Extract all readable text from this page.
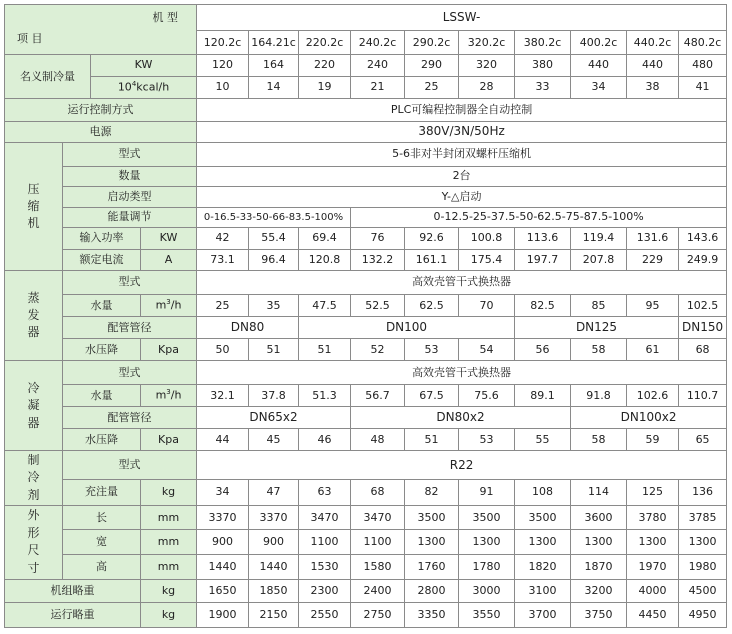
机 型
项 目				LSSW-									
				120.2c	164.21c	220.2c	240.2c	290.2c	320.2c	380.2c	400.2c	440.2c	480.2c
名义制冷量		KW		120	164	220	240	290	320	380	440	440	480
		$10^4kcal/h$		10	14	19	21	25	28	33	34	38	41
运行控制方式				PLC可编程控制器全自动控制									
电源				380V/3N/50Hz									
压缩机	型式			5-6非对半封闭双螺杆压缩机									
	数量			2台									
	启动类型			Y-△启动									
	能量调节			0-16.5-33-50-66-83.5-100%			0-12.5-25-37.5-50-62.5-75-87.5-100%						
	输入功率		KW	42	55.4	69.4	76	92.6	100.8	113.6	119.4	131.6	143.6
	额定电流		A	73.1	96.4	120.8	132.2	161.1	175.4	197.7	207.8	229	249.9
蒸发器	型式			高效壳管干式换热器									
	水量		$m^3/h$	25	35	47.5	52.5	62.5	70	82.5	85	95	102.5
	配管管径			DN80		DN100				DN125			DN150
	水压降		Kpa	50	51	51	52	53	54	56	58	61	68
冷凝器	型式			高效壳管干式换热器									
	水量		$m^3/h$	32.1	37.8	51.3	56.7	67.5	75.6	89.1	91.8	102.6	110.7
	配管管径			DN65x2			DN80x2				DN100x2		
	水压降		Kpa	44	45	46	48	51	53	55	58	59	65
制冷剂	型式			R22									
	充注量		kg	34	47	63	68	82	91	108	114	125	136
外形尺寸	长		mm	3370	3370	3470	3470	3500	3500	3500	3600	3780	3785
	宽		mm	900	900	1100	1100	1300	1300	1300	1300	1300	1300
	高		mm	1440	1440	1530	1580	1760	1780	1820	1870	1970	1980
机组略重			kg	1650	1850	2300	2400	2800	3000	3100	3200	4000	4500
运行略重			kg	1900	2150	2550	2750	3350	3550	3700	3750	4450	4950
